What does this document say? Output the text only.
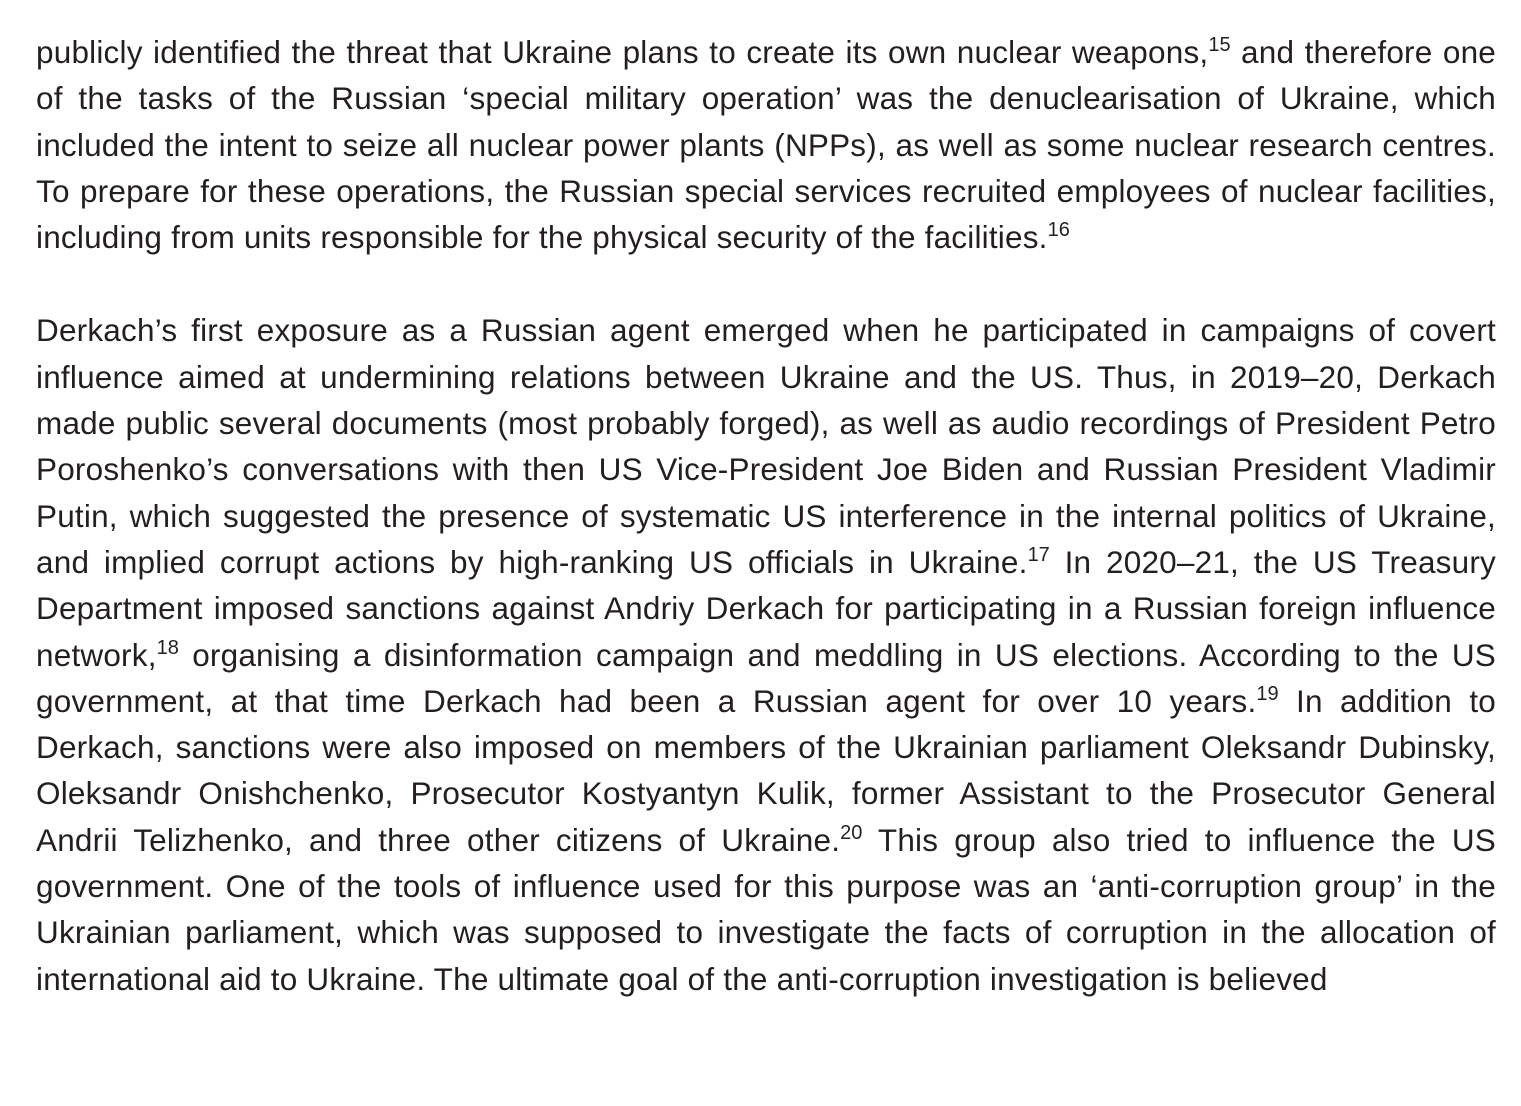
publicly identified the threat that Ukraine plans to create its own nuclear weapons,$^{15}$ and therefore one of the tasks of the Russian ‘special military operation’ was the denuclearisation of Ukraine, which included the intent to seize all nuclear power plants (NPPs), as well as some nuclear research centres. To prepare for these operations, the Russian special services recruited employees of nuclear facilities, including from units responsible for the physical security of the facilities.$^{16}$

Derkach’s first exposure as a Russian agent emerged when he participated in campaigns of covert influence aimed at undermining relations between Ukraine and the US. Thus, in 2019–20, Derkach made public several documents (most probably forged), as well as audio recordings of President Petro Poroshenko’s conversations with then US Vice-President Joe Biden and Russian President Vladimir Putin, which suggested the presence of systematic US interference in the internal politics of Ukraine, and implied corrupt actions by high-ranking US officials in Ukraine.$^{17}$ In 2020–21, the US Treasury Department imposed sanctions against Andriy Derkach for participating in a Russian foreign influence network,$^{18}$ organising a disinformation campaign and meddling in US elections. According to the US government, at that time Derkach had been a Russian agent for over 10 years.$^{19}$ In addition to Derkach, sanctions were also imposed on members of the Ukrainian parliament Oleksandr Dubinsky, Oleksandr Onishchenko, Prosecutor Kostyantyn Kulik, former Assistant to the Prosecutor General Andrii Telizhenko, and three other citizens of Ukraine.$^{20}$ This group also tried to influence the US government. One of the tools of influence used for this purpose was an ‘anti-corruption group’ in the Ukrainian parliament, which was supposed to investigate the facts of corruption in the allocation of international aid to Ukraine. The ultimate goal of the anti-corruption investigation is believed
